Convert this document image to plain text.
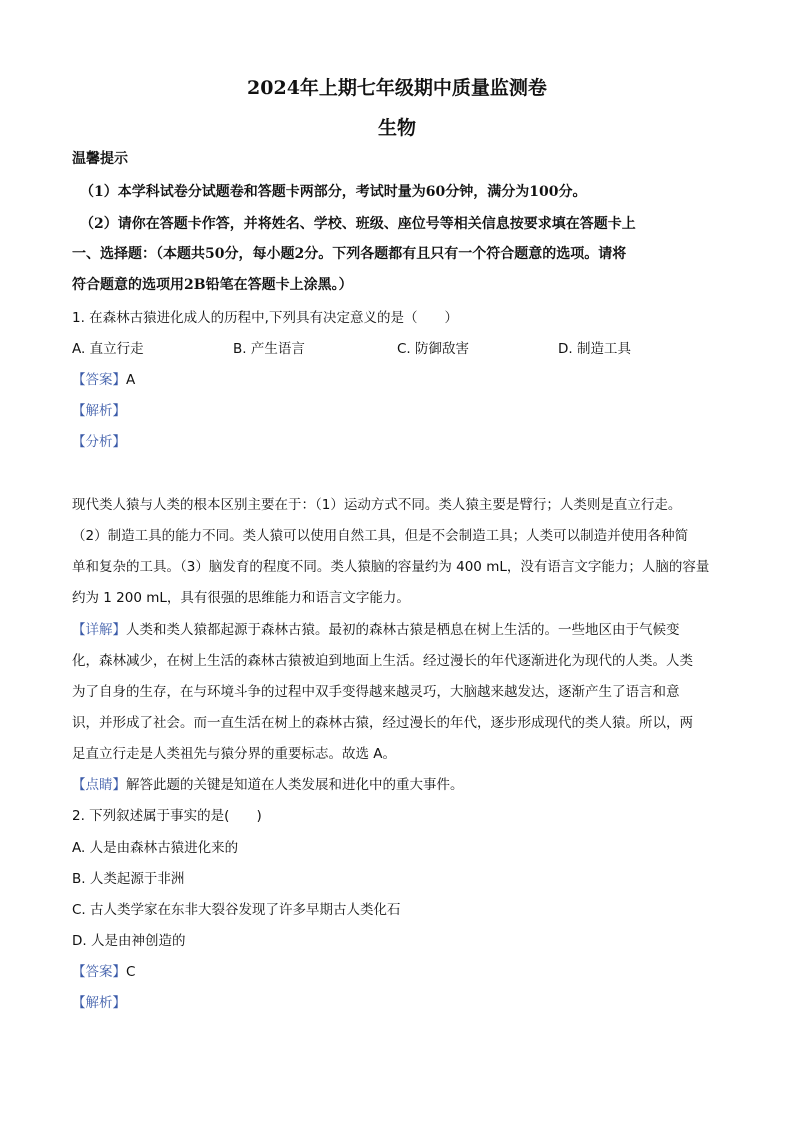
2024年上期七年级期中质量监测卷
生物
温馨提示
（1）本学科试卷分试题卷和答题卡两部分，考试时量为60分钟，满分为100分。
（2）请你在答题卡作答，并将姓名、学校、班级、座位号等相关信息按要求填在答题卡上
一、选择题：（本题共50分，每小题2分。下列各题都有且只有一个符合题意的选项。请将
符合题意的选项用2B铅笔在答题卡上涂黑。）
1. 在森林古猿进化成人的历程中,下列具有决定意义的是（　　）
A. 直立行走	B. 产生语言	C. 防御敌害	D. 制造工具
【答案】A
【解析】
【分析】
现代类人猿与人类的根本区别主要在于：（1）运动方式不同。类人猿主要是臂行；人类则是直立行走。
（2）制造工具的能力不同。类人猿可以使用自然工具，但是不会制造工具；人类可以制造并使用各种简
单和复杂的工具。（3）脑发育的程度不同。类人猿脑的容量约为 400 mL，没有语言文字能力；人脑的容量
约为 1 200 mL，具有很强的思维能力和语言文字能力。
【详解】人类和类人猿都起源于森林古猿。最初的森林古猿是栖息在树上生活的。一些地区由于气候变
化，森林减少，在树上生活的森林古猿被迫到地面上生活。经过漫长的年代逐渐进化为现代的人类。人类
为了自身的生存，在与环境斗争的过程中双手变得越来越灵巧，大脑越来越发达，逐渐产生了语言和意
识，并形成了社会。而一直生活在树上的森林古猿，经过漫长的年代，逐步形成现代的类人猿。所以，两
足直立行走是人类祖先与猿分界的重要标志。故选 A。
【点睛】解答此题的关键是知道在人类发展和进化中的重大事件。
2. 下列叙述属于事实的是(　　)
A. 人是由森林古猿进化来的
B. 人类起源于非洲
C. 古人类学家在东非大裂谷发现了许多早期古人类化石
D. 人是由神创造的
【答案】C
【解析】
